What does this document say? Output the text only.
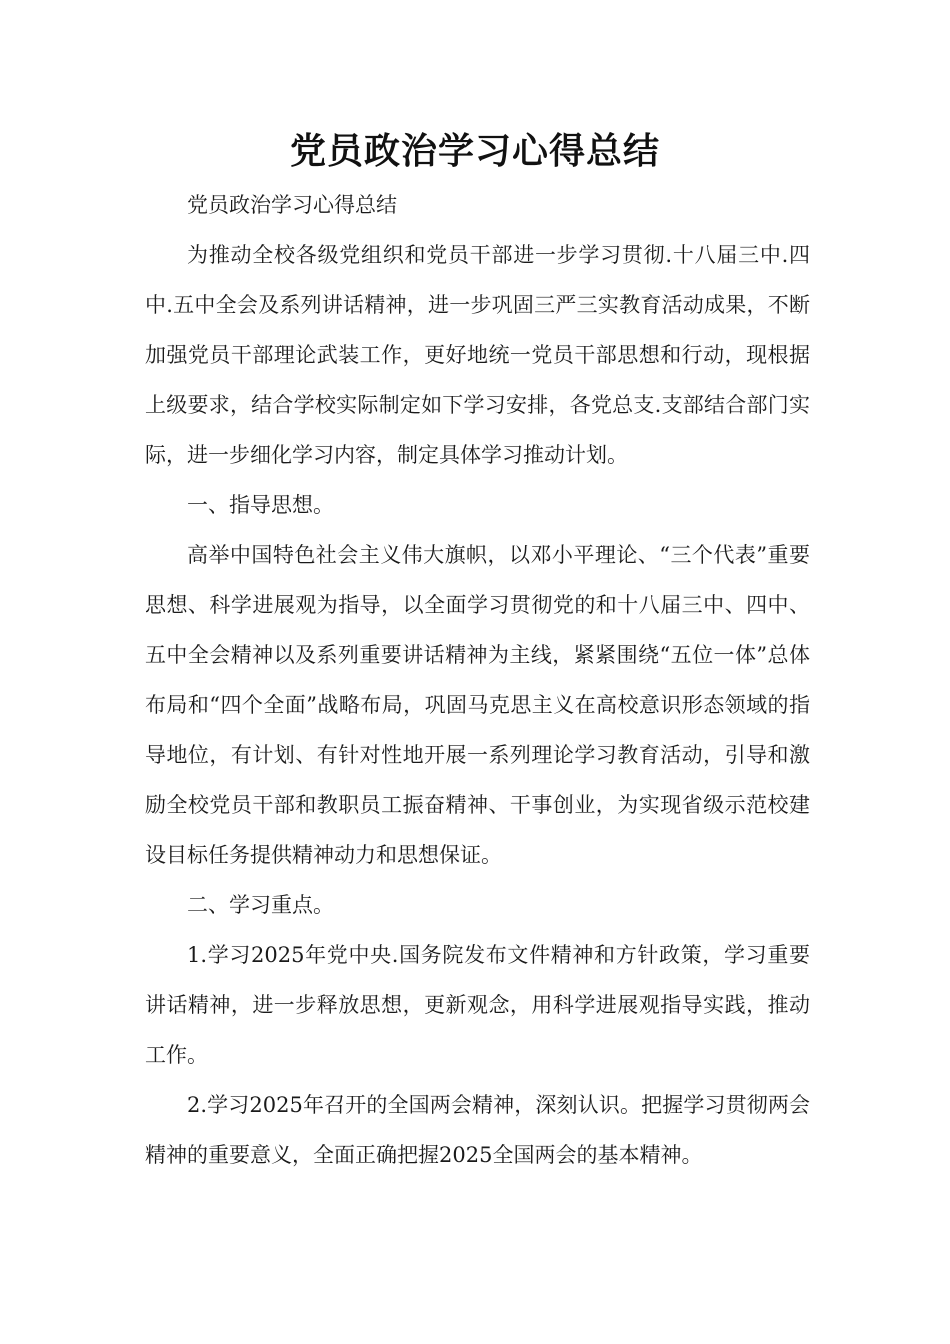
党员政治学习心得总结

党员政治学习心得总结

为推动全校各级党组织和党员干部进一步学习贯彻.十八届三中.四中.五中全会及系列讲话精神，进一步巩固三严三实教育活动成果，不断加强党员干部理论武装工作，更好地统一党员干部思想和行动，现根据上级要求，结合学校实际制定如下学习安排，各党总支.支部结合部门实际，进一步细化学习内容，制定具体学习推动计划。

一、指导思想。

高举中国特色社会主义伟大旗帜，以邓小平理论、“三个代表”重要思想、科学进展观为指导，以全面学习贯彻党的和十八届三中、四中、五中全会精神以及系列重要讲话精神为主线，紧紧围绕“五位一体”总体布局和“四个全面”战略布局，巩固马克思主义在高校意识形态领域的指导地位，有计划、有针对性地开展一系列理论学习教育活动，引导和激励全校党员干部和教职员工振奋精神、干事创业，为实现省级示范校建设目标任务提供精神动力和思想保证。

二、学习重点。

1.学习2025年党中央.国务院发布文件精神和方针政策，学习重要讲话精神，进一步释放思想，更新观念，用科学进展观指导实践，推动工作。

2.学习2025年召开的全国两会精神，深刻认识。把握学习贯彻两会精神的重要意义，全面正确把握2025全国两会的基本精神。
